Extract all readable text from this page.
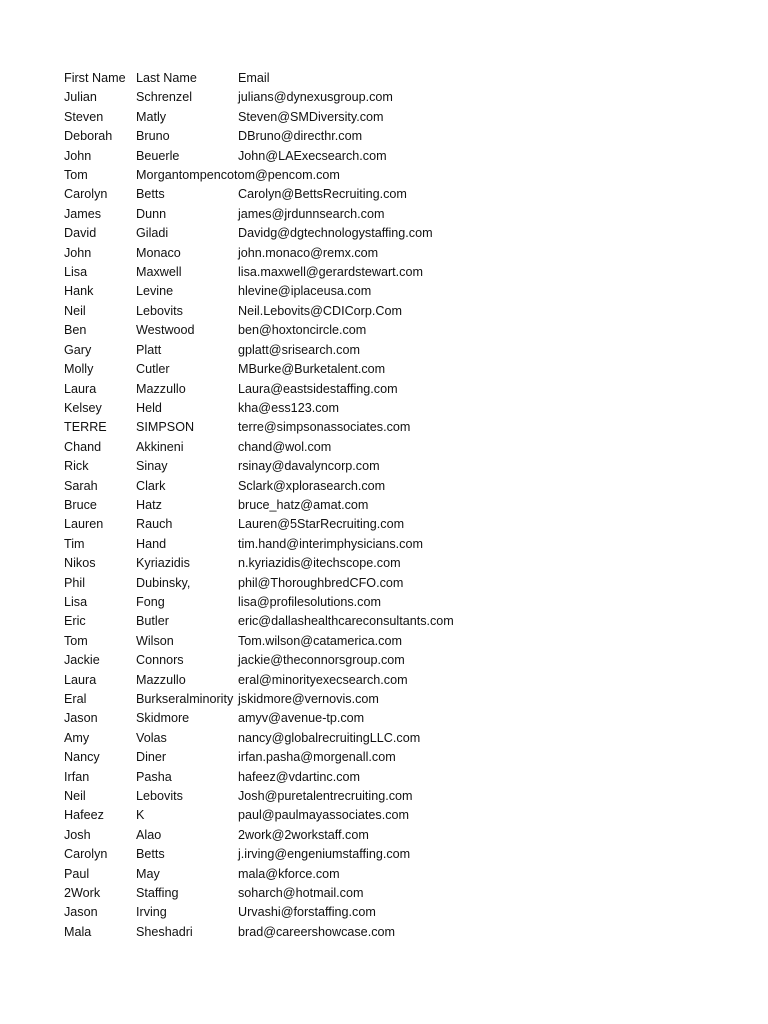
First Name Last Name	Email
Julian	Schrenzel	julians@dynexusgroup.com
Steven	Matly	Steven@SMDiversity.com
Deborah Bruno	DBruno@directhr.com
John	Beuerle	John@LAExecsearch.com
Tom	Morgantompencotom@pencom.com
Carolyn Betts	Carolyn@BettsRecruiting.com
James	Dunn	james@jrdunnsearch.com
David	Giladi	Davidg@dgtechnologystaffing.com
John	Monaco	john.monaco@remx.com
Lisa	Maxwell	lisa.maxwell@gerardstewart.com
Hank	Levine	hlevine@iplaceusa.com
Neil	Lebovits	Neil.Lebovits@CDICorp.Com
Ben	Westwood	ben@hoxtoncircle.com
Gary	Platt	gplatt@srisearch.com
Molly	Cutler	MBurke@Burketalent.com
Laura	Mazzullo	Laura@eastsidestaffing.com
Kelsey	Held	kha@ess123.com
TERRE SIMPSON	terre@simpsonassociates.com
Chand	Akkineni	chand@wol.com
Rick	Sinay	rsinay@davalyncorp.com
Sarah	Clark	Sclark@xplorasearch.com
Bruce	Hatz	bruce_hatz@amat.com
Lauren	Rauch	Lauren@5StarRecruiting.com
Tim	Hand	tim.hand@interimphysicians.com
Nikos	Kyriazidis	n.kyriazidis@itechscope.com
Phil	Dubinsky,	phil@ThoroughbredCFO.com
Lisa	Fong	lisa@profilesolutions.com
Eric	Butler	eric@dallashealthcareconsultants.com
Tom	Wilson	Tom.wilson@catamerica.com
Jackie	Connors	jackie@theconnorsgroup.com
Laura	Mazzullo	eral@minorityexecsearch.com
Eral	Burkseralminority jskidmore@vernovis.com
Jason	Skidmore	amyv@avenue-tp.com
Amy	Volas	nancy@globalrecruitingLLC.com
Nancy	Diner	irfan.pasha@morgenall.com
Irfan	Pasha	hafeez@vdartinc.com
Neil	Lebovits	Josh@puretalentrecruiting.com
Hafeez	K	paul@paulmayassociates.com
Josh	Alao	2work@2workstaff.com
Carolyn Betts	j.irving@engeniumstaffing.com
Paul	May	mala@kforce.com
2Work	Staffing	soharch@hotmail.com
Jason	Irving	Urvashi@forstaffing.com
Mala	Sheshadri	brad@careershowcase.com
